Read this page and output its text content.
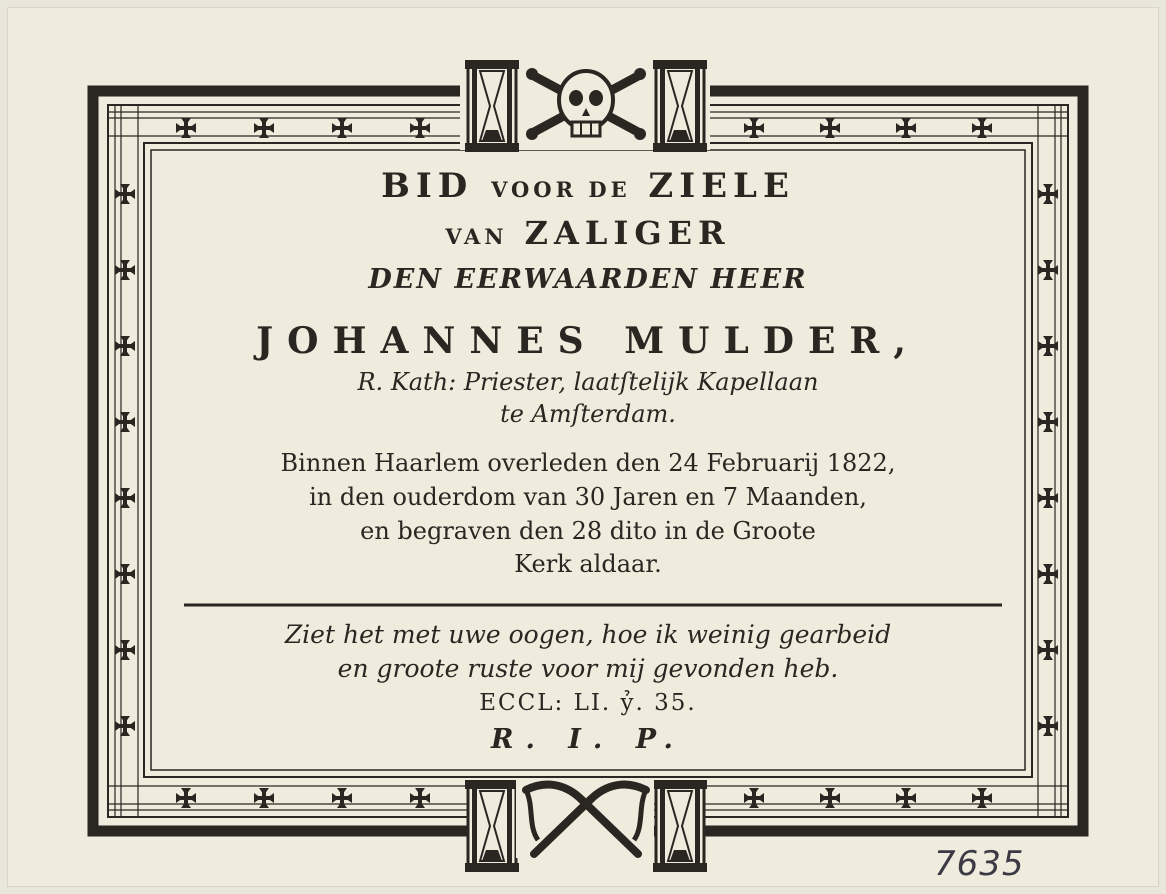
BID VOOR DE ZIELE

VAN ZALIGER

DEN EERWAARDEN HEER

JOHANNES MULDER,

R. Kath: Priester, laatſtelijk Kapellaan

te Amſterdam.

Binnen Haarlem overleden den 24 Februarij 1822,

in den ouderdom van 30 Jaren en 7 Maanden,

en begraven den 28 dito in de Groote

Kerk aldaar.

Ziet het met uwe oogen, hoe ik weinig gearbeid

en groote ruste voor mij gevonden heb.

ECCL: LI. ỷ. 35.

R. I. P.

7635
